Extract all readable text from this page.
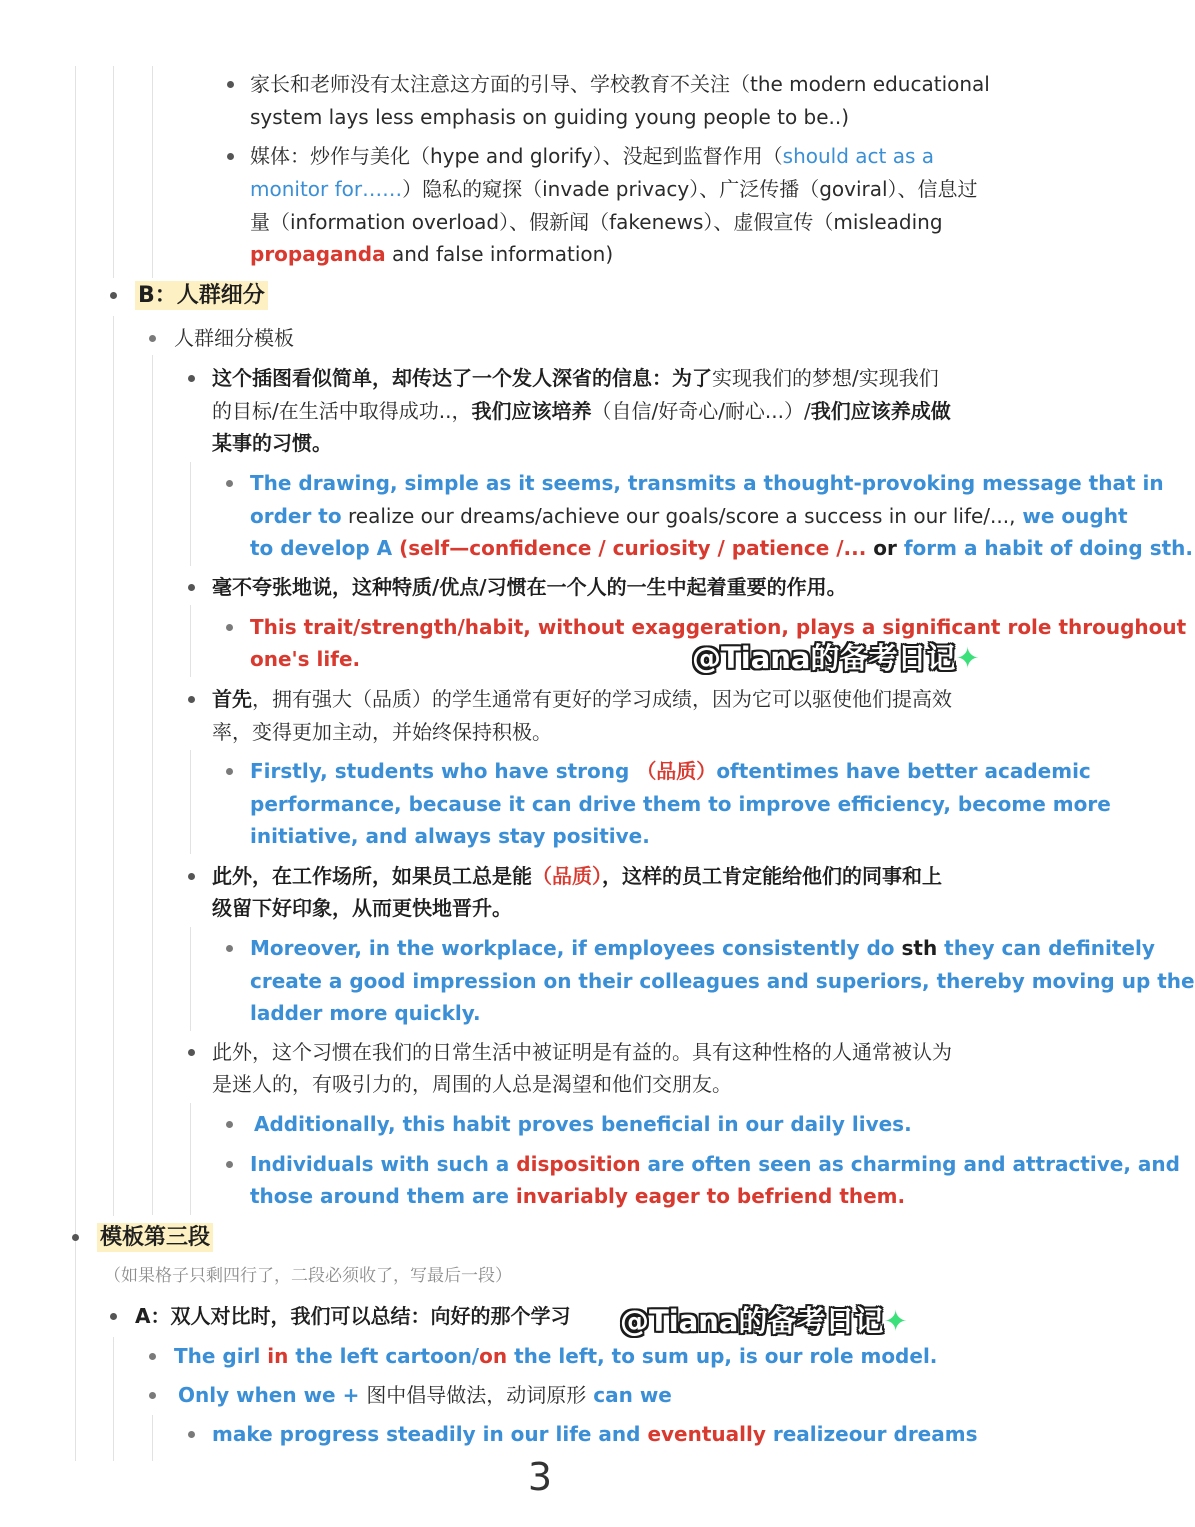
家长和老师没有太注意这方面的引导、学校教育不关注（the modern educational
system lays less emphasis on guiding young people to be..)
媒体：炒作与美化（hype and glorify）、没起到监督作用（should act as a
monitor for……）隐私的窥探（invade privacy）、广泛传播（goviral）、信息过
量（information overload）、假新闻（fakenews）、虚假宣传（misleading
propaganda and false information)
B：人群细分
人群细分模板
这个插图看似简单，却传达了一个发人深省的信息：为了实现我们的梦想/实现我们
的目标/在生活中取得成功..，我们应该培养（自信/好奇心/耐心...）/我们应该养成做
某事的习惯。
The drawing, simple as it seems, transmits a thought-provoking message that in
order to realize our dreams/achieve our goals/score a success in our life/..., we ought
to develop A (self—confidence / curiosity / patience /... or form a habit of doing sth.
毫不夸张地说，这种特质/优点/习惯在一个人的一生中起着重要的作用。
This trait/strength/habit, without exaggeration, plays a significant role throughout
one's life.
首先，拥有强大（品质）的学生通常有更好的学习成绩，因为它可以驱使他们提高效
率，变得更加主动，并始终保持积极。
Firstly, students who have strong （品质）oftentimes have better academic
performance, because it can drive them to improve efficiency, become more
initiative, and always stay positive.
此外，在工作场所，如果员工总是能（品质），这样的员工肯定能给他们的同事和上
级留下好印象，从而更快地晋升。
Moreover, in the workplace, if employees consistently do sth they can definitely
create a good impression on their colleagues and superiors, thereby moving up the
ladder more quickly.
此外，这个习惯在我们的日常生活中被证明是有益的。具有这种性格的人通常被认为
是迷人的，有吸引力的，周围的人总是渴望和他们交朋友。
Additionally, this habit proves beneficial in our daily lives.
Individuals with such a disposition are often seen as charming and attractive, and
those around them are invariably eager to befriend them.
模板第三段
（如果格子只剩四行了，二段必须收了，写最后一段）
A：双人对比时，我们可以总结：向好的那个学习
The girl in the left cartoon/on the left, to sum up, is our role model.
Only when we + 图中倡导做法，动词原形 can we
make progress steadily in our life and eventually realizeour dreams
@Tiana的备考日记✦
@Tiana的备考日记✦
3
